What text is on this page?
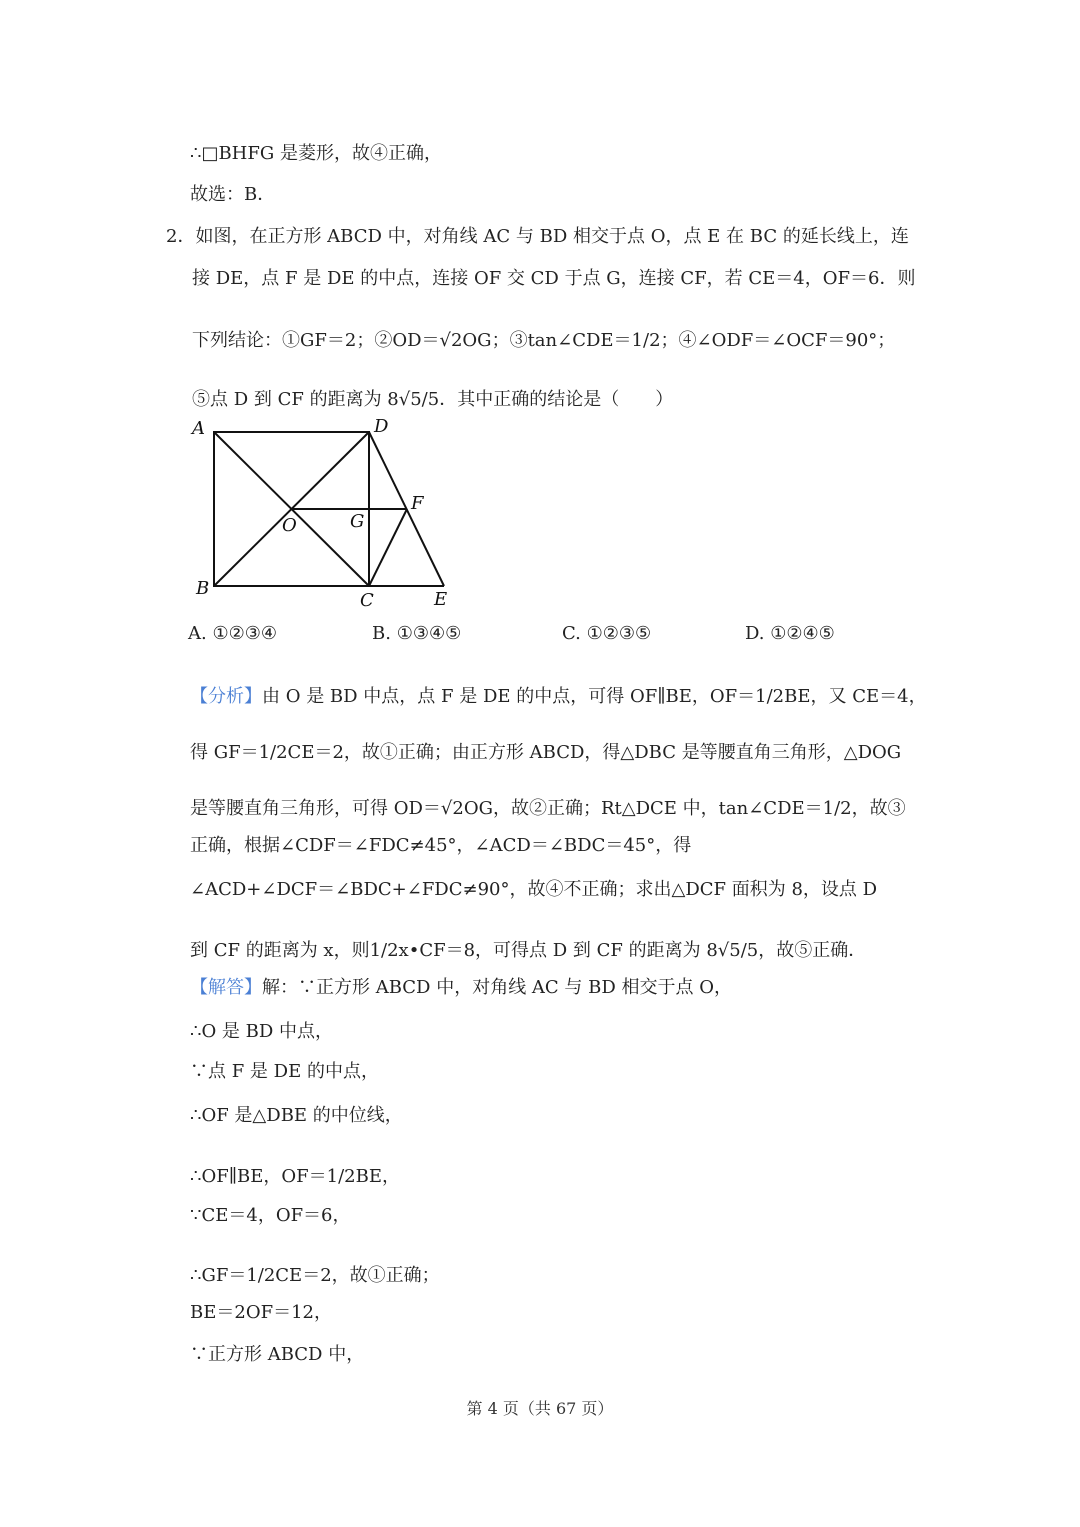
∴□BHFG 是菱形，故④正确，
故选：B．
2．如图，在正方形 ABCD 中，对角线 AC 与 BD 相交于点 O，点 E 在 BC 的延长线上，连
接 DE，点 F 是 DE 的中点，连接 OF 交 CD 于点 G，连接 CF，若 CE＝4，OF＝6．则
下列结论：①GF＝2；②OD＝√2OG；③tan∠CDE＝1/2；④∠ODF＝∠OCF＝90°；
⑤点 D 到 CF 的距离为 8√5/5．其中正确的结论是（　　）
A	D
B
C	E
F
G
O
A. ①②③④	B. ①③④⑤	C. ①②③⑤	D. ①②④⑤
【分析】由 O 是 BD 中点，点 F 是 DE 的中点，可得 OF∥BE，OF＝1/2BE，又 CE＝4，
得 GF＝1/2CE＝2，故①正确；由正方形 ABCD，得△DBC 是等腰直角三角形，△DOG
是等腰直角三角形，可得 OD＝√2OG，故②正确；Rt△DCE 中，tan∠CDE＝1/2，故③
正确，根据∠CDF＝∠FDC≠45°，∠ACD＝∠BDC＝45°，得
∠ACD+∠DCF＝∠BDC+∠FDC≠90°，故④不正确；求出△DCF 面积为 8，设点 D
到 CF 的距离为 x，则1/2x•CF＝8，可得点 D 到 CF 的距离为 8√5/5，故⑤正确．
【解答】解：∵正方形 ABCD 中，对角线 AC 与 BD 相交于点 O，
∴O 是 BD 中点，
∵点 F 是 DE 的中点，
∴OF 是△DBE 的中位线，
∴OF∥BE，OF＝1/2BE，
∵CE＝4，OF＝6，
∴GF＝1/2CE＝2，故①正确；
BE＝2OF＝12，
∵正方形 ABCD 中，
第 4 页（共 67 页）
